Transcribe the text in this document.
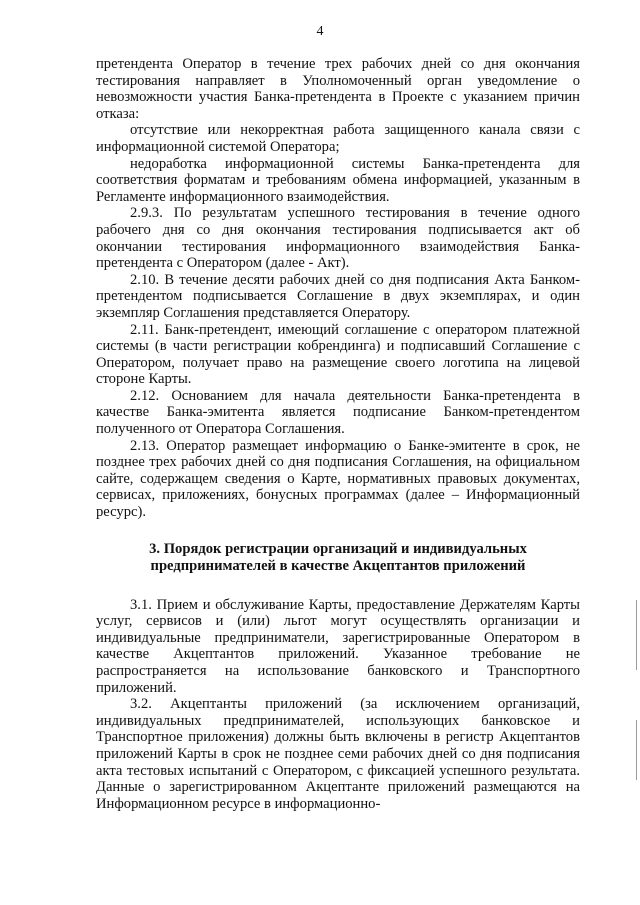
4

претендента Оператор в течение трех рабочих дней со дня окончания тестирования направляет в Уполномоченный орган уведомление о невозможности участия Банка-претендента в Проекте с указанием причин отказа:

отсутствие или некорректная работа защищенного канала связи с информационной системой Оператора;

недоработка информационной системы Банка-претендента для соответствия форматам и требованиям обмена информацией, указанным в Регламенте информационного взаимодействия.

2.9.3. По результатам успешного тестирования в течение одного рабочего дня со дня окончания тестирования подписывается акт об окончании тестирования информационного взаимодействия Банка-претендента с Оператором (далее - Акт).

2.10. В течение десяти рабочих дней со дня подписания Акта Банком-претендентом подписывается Соглашение в двух экземплярах, и один экземпляр Соглашения представляется Оператору.

2.11. Банк-претендент, имеющий соглашение с оператором платежной системы (в части регистрации кобрендинга) и подписавший Соглашение с Оператором, получает право на размещение своего логотипа на лицевой стороне Карты.

2.12. Основанием для начала деятельности Банка-претендента в качестве Банка-эмитента является подписание Банком-претендентом полученного от Оператора Соглашения.

2.13. Оператор размещает информацию о Банке-эмитенте в срок, не позднее трех рабочих дней со дня подписания Соглашения, на официальном сайте, содержащем сведения о Карте, нормативных правовых документах, сервисах, приложениях, бонусных программах (далее – Информационный ресурс).

3. Порядок регистрации организаций и индивидуальных
предпринимателей в качестве Акцептантов приложений

3.1. Прием и обслуживание Карты, предоставление Держателям Карты услуг, сервисов и (или) льгот могут осуществлять организации и индивидуальные предприниматели, зарегистрированные Оператором в качестве Акцептантов приложений. Указанное требование не распространяется на использование банковского и Транспортного приложений.

3.2. Акцептанты приложений (за исключением организаций, индивидуальных предпринимателей, использующих банковское и Транспортное приложения) должны быть включены в регистр Акцептантов приложений Карты в срок не позднее семи рабочих дней со дня подписания акта тестовых испытаний с Оператором, с фиксацией успешного результата. Данные о зарегистрированном Акцептанте приложений размещаются на Информационном ресурсе в информационно-
